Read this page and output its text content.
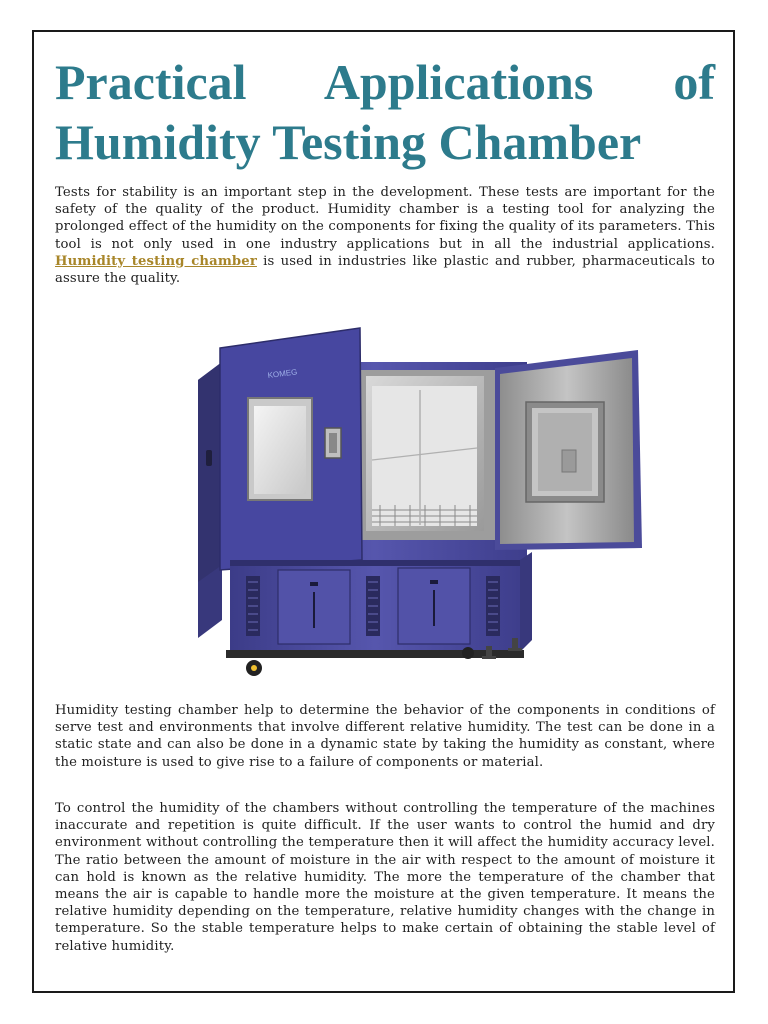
Practical Applications of Humidity Testing Chamber

Tests for stability is an important step in the development. These tests are important for the safety of the quality of the product. Humidity chamber is a testing tool for analyzing the prolonged effect of the humidity on the components for fixing the quality of its parameters. This tool is not only used in one industry applications but in all the industrial applications. Humidity testing chamber is used in industries like plastic and rubber, pharmaceuticals to assure the quality.

KOMEG

Humidity testing chamber help to determine the behavior of the components in conditions of serve test and environments that involve different relative humidity. The test can be done in a static state and can also be done in a dynamic state by taking the humidity as constant, where the moisture is used to give rise to a failure of components or material.

To control the humidity of the chambers without controlling the temperature of the machines inaccurate and repetition is quite difficult. If the user wants to control the humid and dry environment without controlling the temperature then it will affect the humidity accuracy level. The ratio between the amount of moisture in the air with respect to the amount of moisture it can hold is known as the relative humidity. The more the temperature of the chamber that means the air is capable to handle more the moisture at the given temperature. It means the relative humidity depending on the temperature, relative humidity changes with the change in temperature. So the stable temperature helps to make certain of obtaining the stable level of relative humidity.
